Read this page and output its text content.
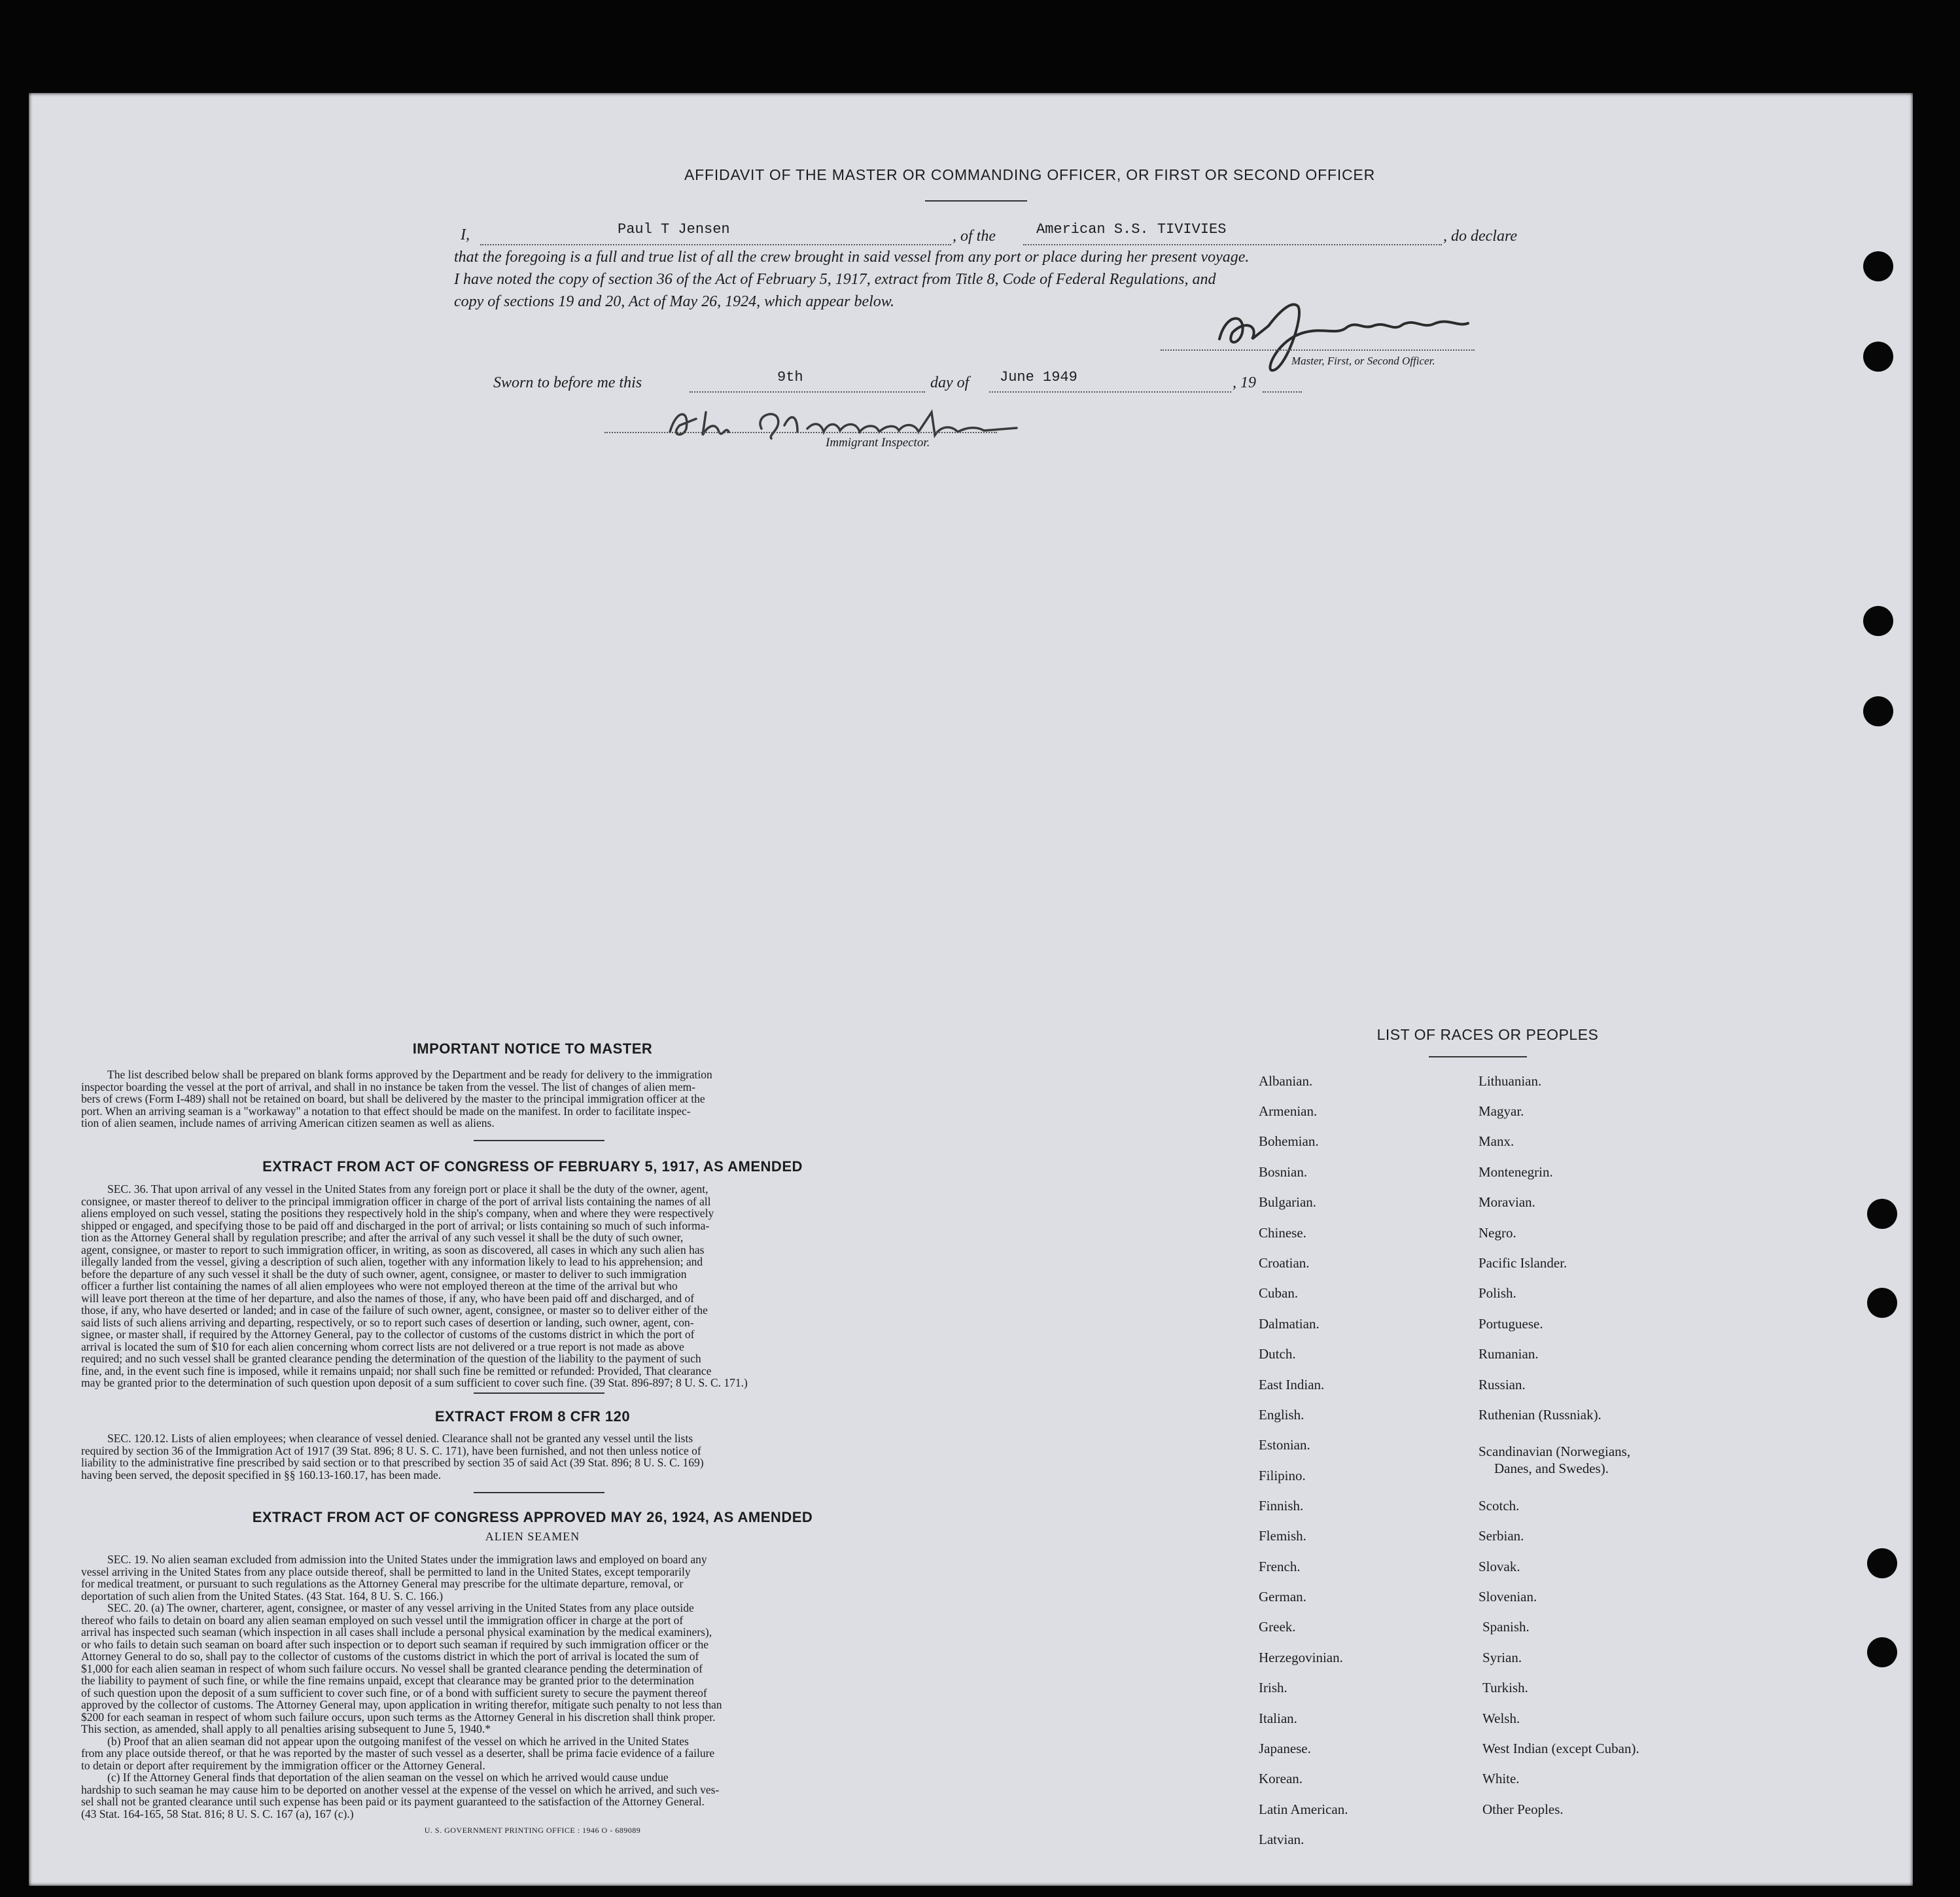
AFFIDAVIT OF THE MASTER OR COMMANDING OFFICER, OR FIRST OR SECOND OFFICER
I,	Paul T Jensen	, of the	American S.S. TIVIVIES	, do declare
that the foregoing is a full and true list of all the crew brought in said vessel from any port or place during her present voyage.
I have noted the copy of section 36 of the Act of February 5, 1917, extract from Title 8, Code of Federal Regulations, and
copy of sections 19 and 20, Act of May 26, 1924, which appear below.
Master, First, or Second Officer.
Sworn to before me this	9th	day of June 1949	, 19
Immigrant Inspector.
IMPORTANT NOTICE TO MASTER
The list described below shall be prepared on blank forms approved by the Department and be ready for delivery to the immigration
inspector boarding the vessel at the port of arrival, and shall in no instance be taken from the vessel. The list of changes of alien mem-
bers of crews (Form I-489) shall not be retained on board, but shall be delivered by the master to the principal immigration officer at the
port. When an arriving seaman is a "workaway" a notation to that effect should be made on the manifest. In order to facilitate inspec-
tion of alien seamen, include names of arriving American citizen seamen as well as aliens.
EXTRACT FROM ACT OF CONGRESS OF FEBRUARY 5, 1917, AS AMENDED
SEC. 36. That upon arrival of any vessel in the United States from any foreign port or place it shall be the duty of the owner, agent,
consignee, or master thereof to deliver to the principal immigration officer in charge of the port of arrival lists containing the names of all
aliens employed on such vessel, stating the positions they respectively hold in the ship's company, when and where they were respectively
shipped or engaged, and specifying those to be paid off and discharged in the port of arrival; or lists containing so much of such informa-
tion as the Attorney General shall by regulation prescribe; and after the arrival of any such vessel it shall be the duty of such owner,
agent, consignee, or master to report to such immigration officer, in writing, as soon as discovered, all cases in which any such alien has
illegally landed from the vessel, giving a description of such alien, together with any information likely to lead to his apprehension; and
before the departure of any such vessel it shall be the duty of such owner, agent, consignee, or master to deliver to such immigration
officer a further list containing the names of all alien employees who were not employed thereon at the time of the arrival but who
will leave port thereon at the time of her departure, and also the names of those, if any, who have been paid off and discharged, and of
those, if any, who have deserted or landed; and in case of the failure of such owner, agent, consignee, or master so to deliver either of the
said lists of such aliens arriving and departing, respectively, or so to report such cases of desertion or landing, such owner, agent, con-
signee, or master shall, if required by the Attorney General, pay to the collector of customs of the customs district in which the port of
arrival is located the sum of $10 for each alien concerning whom correct lists are not delivered or a true report is not made as above
required; and no such vessel shall be granted clearance pending the determination of the question of the liability to the payment of such
fine, and, in the event such fine is imposed, while it remains unpaid; nor shall such fine be remitted or refunded: Provided, That clearance
may be granted prior to the determination of such question upon deposit of a sum sufficient to cover such fine. (39 Stat. 896-897; 8 U. S. C. 171.)
EXTRACT FROM 8 CFR 120
SEC. 120.12. Lists of alien employees; when clearance of vessel denied. Clearance shall not be granted any vessel until the lists
required by section 36 of the Immigration Act of 1917 (39 Stat. 896; 8 U. S. C. 171), have been furnished, and not then unless notice of
liability to the administrative fine prescribed by said section or to that prescribed by section 35 of said Act (39 Stat. 896; 8 U. S. C. 169)
having been served, the deposit specified in §§ 160.13-160.17, has been made.
EXTRACT FROM ACT OF CONGRESS APPROVED MAY 26, 1924, AS AMENDED
ALIEN SEAMEN
SEC. 19. No alien seaman excluded from admission into the United States under the immigration laws and employed on board any
vessel arriving in the United States from any place outside thereof, shall be permitted to land in the United States, except temporarily
for medical treatment, or pursuant to such regulations as the Attorney General may prescribe for the ultimate departure, removal, or
deportation of such alien from the United States. (43 Stat. 164, 8 U. S. C. 166.)
SEC. 20. (a) The owner, charterer, agent, consignee, or master of any vessel arriving in the United States from any place outside
thereof who fails to detain on board any alien seaman employed on such vessel until the immigration officer in charge at the port of
arrival has inspected such seaman (which inspection in all cases shall include a personal physical examination by the medical examiners),
or who fails to detain such seaman on board after such inspection or to deport such seaman if required by such immigration officer or the
Attorney General to do so, shall pay to the collector of customs of the customs district in which the port of arrival is located the sum of
$1,000 for each alien seaman in respect of whom such failure occurs. No vessel shall be granted clearance pending the determination of
the liability to payment of such fine, or while the fine remains unpaid, except that clearance may be granted prior to the determination
of such question upon the deposit of a sum sufficient to cover such fine, or of a bond with sufficient surety to secure the payment thereof
approved by the collector of customs. The Attorney General may, upon application in writing therefor, mitigate such penalty to not less than
$200 for each seaman in respect of whom such failure occurs, upon such terms as the Attorney General in his discretion shall think proper.
This section, as amended, shall apply to all penalties arising subsequent to June 5, 1940.*
(b) Proof that an alien seaman did not appear upon the outgoing manifest of the vessel on which he arrived in the United States
from any place outside thereof, or that he was reported by the master of such vessel as a deserter, shall be prima facie evidence of a failure
to detain or deport after requirement by the immigration officer or the Attorney General.
(c) If the Attorney General finds that deportation of the alien seaman on the vessel on which he arrived would cause undue
hardship to such seaman he may cause him to be deported on another vessel at the expense of the vessel on which he arrived, and such ves-
sel shall not be granted clearance until such expense has been paid or its payment guaranteed to the satisfaction of the Attorney General.
(43 Stat. 164-165, 58 Stat. 816; 8 U. S. C. 167 (a), 167 (c).)
U. S. GOVERNMENT PRINTING OFFICE : 1946 O - 689089
LIST OF RACES OR PEOPLES
Albanian.
Armenian.
Bohemian.
Bosnian.
Bulgarian.
Chinese.
Croatian.
Cuban.
Dalmatian.
Dutch.
East Indian.
English.
Estonian.
Filipino.
Finnish.
Flemish.
French.
German.
Greek.
Herzegovinian.
Irish.
Italian.
Japanese.
Korean.
Latin American.
Latvian.
Lithuanian.
Magyar.
Manx.
Montenegrin.
Moravian.
Negro.
Pacific Islander.
Polish.
Portuguese.
Rumanian.
Russian.
Ruthenian (Russniak).
Scandinavian (Norwegians,
Danes, and Swedes).
Scotch.
Serbian.
Slovak.
Slovenian.
Spanish.
Syrian.
Turkish.
Welsh.
West Indian (except Cuban).
White.
Other Peoples.
